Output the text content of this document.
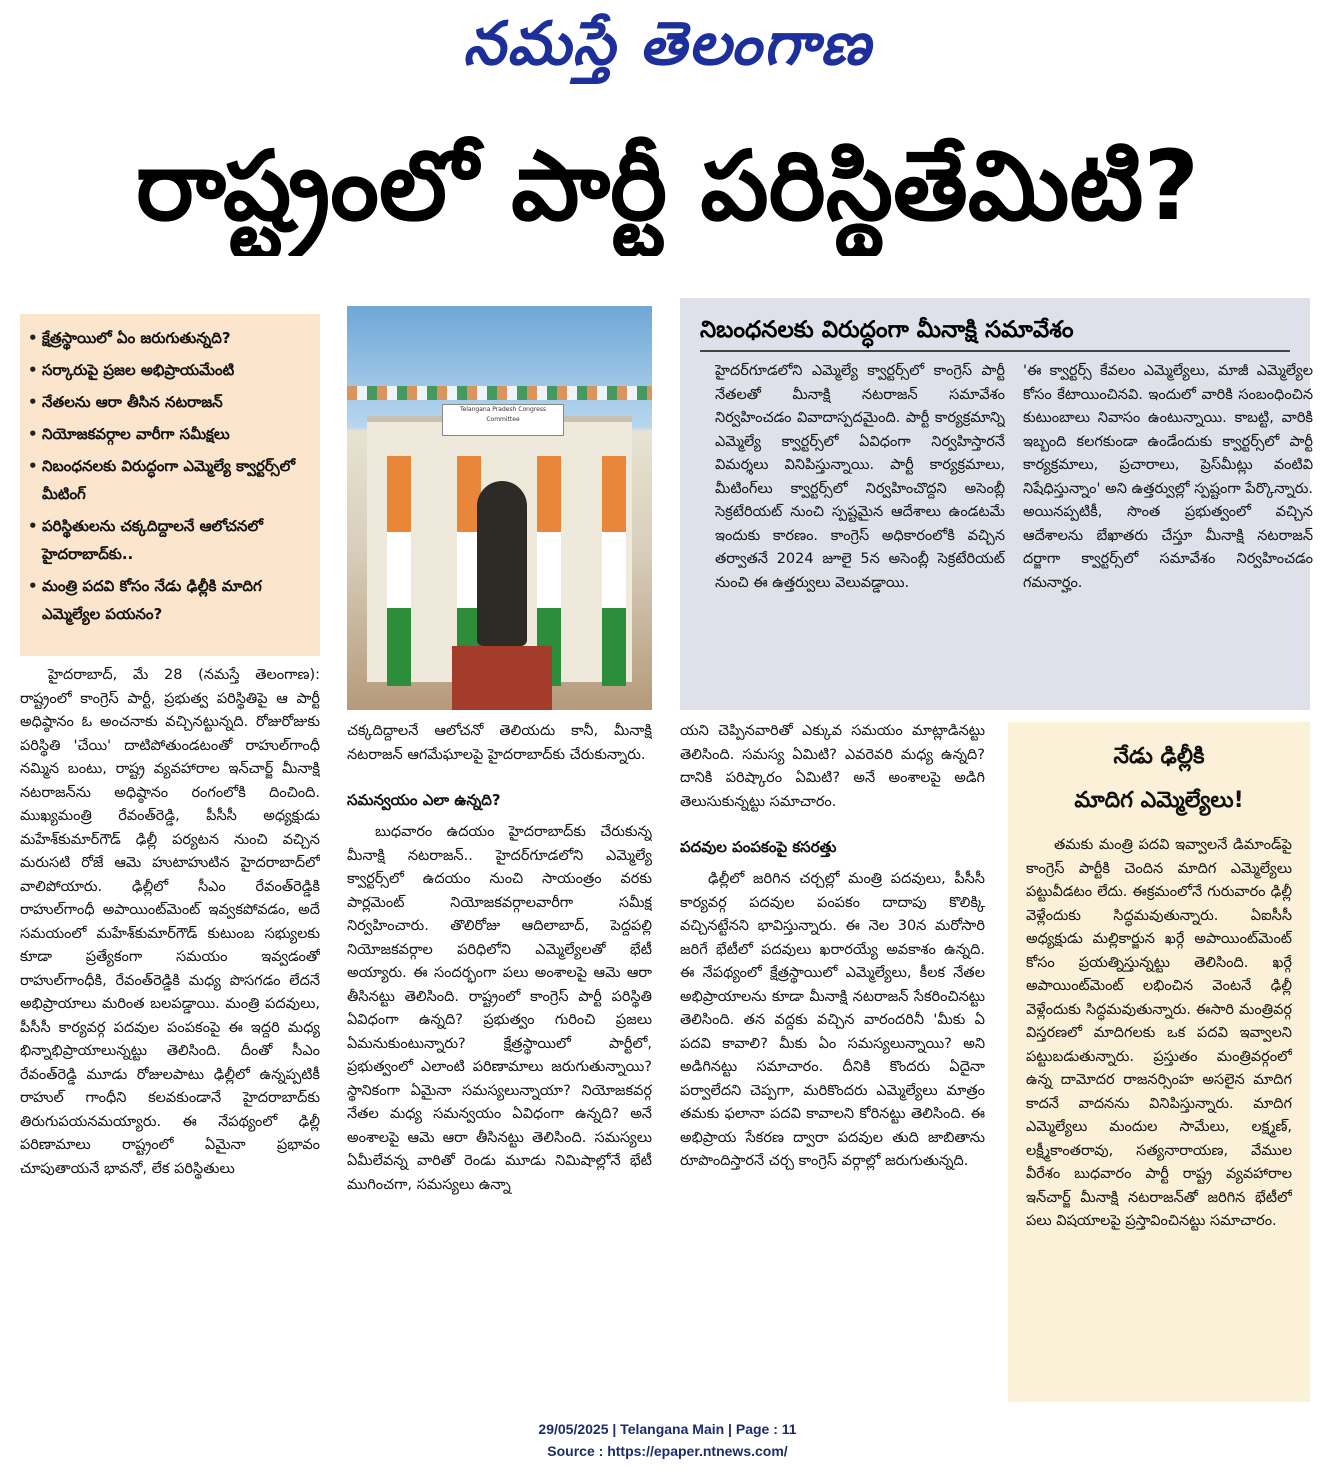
నమస్తే తెలంగాణ
రాష్ట్రంలో పార్టీ పరిస్థితేమిటి?
• క్షేత్రస్థాయిలో ఏం జరుగుతున్నది?
• సర్కారుపై ప్రజల అభిప్రాయమేంటి
• నేతలను ఆరా తీసిన నటరాజన్
• నియోజకవర్గాల వారీగా సమీక్షలు
• నిబంధనలకు విరుద్ధంగా ఎమ్మెల్యే క్వార్టర్స్‌లో మీటింగ్
• పరిస్థితులను చక్కదిద్దాలనే ఆలోచనలో హైదరాబాద్‌కు..
• మంత్రి పదవి కోసం నేడు ఢిల్లీకి మాదిగ ఎమ్మెల్యేల పయనం?
Telangana Pradesh Congress Committee
నిబంధనలకు విరుద్ధంగా మీనాక్షి సమావేశం
హైదర్‌గూడలోని ఎమ్మెల్యే క్వార్టర్స్‌లో కాంగ్రెస్ పార్టీ నేతలతో మీనాక్షి నటరాజన్ సమావేశం నిర్వహించడం వివాదాస్పదమైంది. పార్టీ కార్యక్రమాన్ని ఎమ్మెల్యే క్వార్టర్స్‌లో ఏవిధంగా నిర్వహిస్తారనే విమర్శలు వినిపిస్తున్నాయి. పార్టీ కార్యక్రమాలు, మీటింగ్‌లు క్వార్టర్స్‌లో నిర్వహించొద్దని అసెంబ్లీ సెక్రటేరియట్ నుంచి స్పష్టమైన ఆదేశాలు ఉండటమే ఇందుకు కారణం. కాంగ్రెస్ అధికారంలోకి వచ్చిన తర్వాతనే 2024 జూలై 5న అసెంబ్లీ సెక్రటేరియట్ నుంచి ఈ ఉత్తర్వులు వెలువడ్డాయి.
'ఈ క్వార్టర్స్ కేవలం ఎమ్మెల్యేలు, మాజీ ఎమ్మెల్యేల కోసం కేటాయించినవి. ఇందులో వారికి సంబంధించిన కుటుంబాలు నివాసం ఉంటున్నాయి. కాబట్టి, వారికి ఇబ్బంది కలగకుండా ఉండేందుకు క్వార్టర్స్‌లో పార్టీ కార్యక్రమాలు, ప్రచారాలు, ప్రెస్‌మీట్లు వంటివి నిషేధిస్తున్నాం' అని ఉత్తర్వుల్లో స్పష్టంగా పేర్కొన్నారు. అయినప్పటికీ, సొంత ప్రభుత్వంలో వచ్చిన ఆదేశాలను బేఖాతరు చేస్తూ మీనాక్షి నటరాజన్ దర్జాగా క్వార్టర్స్‌లో సమావేశం నిర్వహించడం గమనార్హం.

హైదరాబాద్, మే 28 (నమస్తే తెలంగాణ): రాష్ట్రంలో కాంగ్రెస్ పార్టీ, ప్రభుత్వ పరిస్థితిపై ఆ పార్టీ అధిష్ఠానం ఓ అంచనాకు వచ్చినట్టున్నది. రోజురోజుకు పరిస్థితి 'చేయి' దాటిపోతుండటంతో రాహుల్‌గాంధీ నమ్మిన బంటు, రాష్ట్ర వ్యవహారాల ఇన్‌చార్జ్ మీనాక్షి నటరాజన్‌ను అధిష్ఠానం రంగంలోకి దించింది. ముఖ్యమంత్రి రేవంత్‌రెడ్డి, పీసీసీ అధ్యక్షుడు మహేశ్‌కుమార్‌గౌడ్ ఢిల్లీ పర్యటన నుంచి వచ్చిన మరుసటి రోజే ఆమె హుటాహుటిన హైదరాబాద్‌లో వాలిపోయారు. ఢిల్లీలో సీఎం రేవంత్‌రెడ్డికి రాహుల్‌గాంధీ అపాయింట్‌మెంట్ ఇవ్వకపోవడం, అదే సమయంలో మహేశ్‌కుమార్‌గౌడ్ కుటుంబ సభ్యులకు కూడా ప్రత్యేకంగా సమయం ఇవ్వడంతో రాహుల్‌గాంధీకి, రేవంత్‌రెడ్డికి మధ్య పొసగడం లేదనే అభిప్రాయాలు మరింత బలపడ్డాయి. మంత్రి పదవులు, పీసీసీ కార్యవర్గ పదవుల పంపకంపై ఈ ఇద్దరి మధ్య భిన్నాభిప్రాయాలున్నట్టు తెలిసింది. దీంతో సీఎం రేవంత్‌రెడ్డి మూడు రోజులపాటు ఢిల్లీలో ఉన్నప్పటికీ రాహుల్ గాంధీని కలవకుండానే హైదరాబాద్‌కు తిరుగుపయనమయ్యారు. ఈ నేపథ్యంలో ఢిల్లీ పరిణామాలు రాష్ట్రంలో ఏమైనా ప్రభావం చూపుతాయనే భావనో, లేక పరిస్థితులు

చక్కదిద్దాలనే ఆలోచనో తెలియదు కానీ, మీనాక్షి నటరాజన్ ఆగమేఘాలపై హైదరాబాద్‌కు చేరుకున్నారు.

సమన్వయం ఎలా ఉన్నది?

బుధవారం ఉదయం హైదరాబాద్‌కు చేరుకున్న మీనాక్షి నటరాజన్.. హైదర్‌గూడలోని ఎమ్మెల్యే క్వార్టర్స్‌లో ఉదయం నుంచి సాయంత్రం వరకు పార్లమెంట్ నియోజకవర్గాలవారీగా సమీక్ష నిర్వహించారు. తొలిరోజు ఆదిలాబాద్, పెద్దపల్లి నియోజకవర్గాల పరిధిలోని ఎమ్మెల్యేలతో భేటీ అయ్యారు. ఈ సందర్భంగా పలు అంశాలపై ఆమె ఆరా తీసినట్టు తెలిసింది. రాష్ట్రంలో కాంగ్రెస్ పార్టీ పరిస్థితి ఏవిధంగా ఉన్నది? ప్రభుత్వం గురించి ప్రజలు ఏమనుకుంటున్నారు? క్షేత్రస్థాయిలో పార్టీలో, ప్రభుత్వంలో ఎలాంటి పరిణామాలు జరుగుతున్నాయి? స్థానికంగా ఏమైనా సమస్యలున్నాయా? నియోజకవర్గ నేతల మధ్య సమన్వయం ఏవిధంగా ఉన్నది? అనే అంశాలపై ఆమె ఆరా తీసినట్టు తెలిసింది. సమస్యలు ఏమీలేవన్న వారితో రెండు మూడు నిమిషాల్లోనే భేటీ ముగించగా, సమస్యలు ఉన్నా

యని చెప్పినవారితో ఎక్కువ సమయం మాట్లాడినట్టు తెలిసింది. సమస్య ఏమిటి? ఎవరెవరి మధ్య ఉన్నది? దానికి పరిష్కారం ఏమిటి? అనే అంశాలపై అడిగి తెలుసుకున్నట్టు సమాచారం.

పదవుల పంపకంపై కసరత్తు

ఢిల్లీలో జరిగిన చర్చల్లో మంత్రి పదవులు, పీసీసీ కార్యవర్గ పదవుల పంపకం దాదాపు కొలిక్కి వచ్చినట్టేనని భావిస్తున్నారు. ఈ నెల 30న మరోసారి జరిగే భేటీలో పదవులు ఖరారయ్యే అవకాశం ఉన్నది. ఈ నేపథ్యంలో క్షేత్రస్థాయిలో ఎమ్మెల్యేలు, కీలక నేతల అభిప్రాయాలను కూడా మీనాక్షి నటరాజన్ సేకరించినట్టు తెలిసింది. తన వద్దకు వచ్చిన వారందరినీ 'మీకు ఏ పదవి కావాలి? మీకు ఏం సమస్యలున్నాయి? అని అడిగినట్టు సమాచారం. దీనికి కొందరు ఏదైనా పర్వాలేదని చెప్పగా, మరికొందరు ఎమ్మెల్యేలు మాత్రం తమకు ఫలానా పదవి కావాలని కోరినట్టు తెలిసింది. ఈ అభిప్రాయ సేకరణ ద్వారా పదవుల తుది జాబితాను రూపొందిస్తారనే చర్చ కాంగ్రెస్ వర్గాల్లో జరుగుతున్నది.

నేడు ఢిల్లీకి
మాదిగ ఎమ్మెల్యేలు!

తమకు మంత్రి పదవి ఇవ్వాలనే డిమాండ్‌పై కాంగ్రెస్ పార్టీకి చెందిన మాదిగ ఎమ్మెల్యేలు పట్టువీడటం లేదు. ఈక్రమంలోనే గురువారం ఢిల్లీ వెళ్లేందుకు సిద్ధమవుతున్నారు. ఏఐసీసీ అధ్యక్షుడు మల్లికార్జున ఖర్గే అపాయింట్‌మెంట్ కోసం ప్రయత్నిస్తున్నట్టు తెలిసింది. ఖర్గే అపాయింట్‌మెంట్ లభించిన వెంటనే ఢిల్లీ వెళ్లేందుకు సిద్ధమవుతున్నారు. ఈసారి మంత్రివర్గ విస్తరణలో మాదిగలకు ఒక పదవి ఇవ్వాలని పట్టుబడుతున్నారు. ప్రస్తుతం మంత్రివర్గంలో ఉన్న దామోదర రాజనర్సింహ అసలైన మాదిగ కాదనే వాదనను వినిపిస్తున్నారు. మాదిగ ఎమ్మెల్యేలు మందుల సామేలు, లక్ష్మణ్, లక్ష్మీకాంతరావు, సత్యనారాయణ, వేముల వీరేశం బుధవారం పార్టీ రాష్ట్ర వ్యవహారాల ఇన్‌చార్జ్ మీనాక్షి నటరాజన్‌తో జరిగిన భేటీలో పలు విషయాలపై ప్రస్తావించినట్టు సమాచారం.

29/05/2025 | Telangana Main | Page : 11
Source : https://epaper.ntnews.com/
